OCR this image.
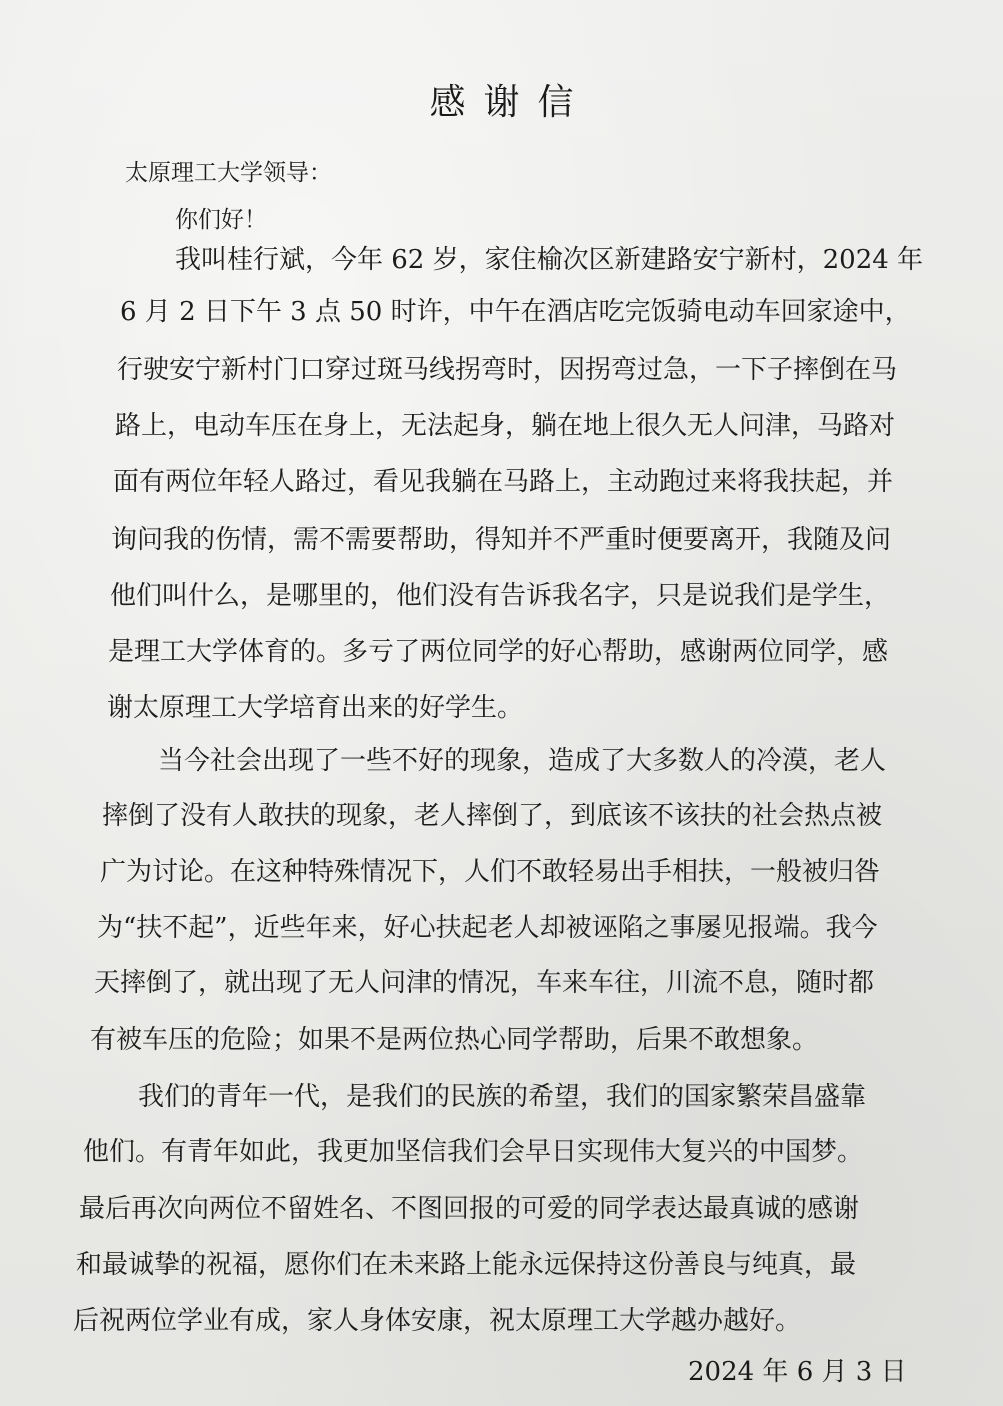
感谢信
太原理工大学领导：
你们好！
我叫桂行斌，今年 62 岁，家住榆次区新建路安宁新村，2024 年
6 月 2 日下午 3 点 50 时许，中午在酒店吃完饭骑电动车回家途中，
行驶安宁新村门口穿过斑马线拐弯时，因拐弯过急，一下子摔倒在马
路上，电动车压在身上，无法起身，躺在地上很久无人问津，马路对
面有两位年轻人路过，看见我躺在马路上，主动跑过来将我扶起，并
询问我的伤情，需不需要帮助，得知并不严重时便要离开，我随及问
他们叫什么，是哪里的，他们没有告诉我名字，只是说我们是学生，
是理工大学体育的。多亏了两位同学的好心帮助，感谢两位同学，感
谢太原理工大学培育出来的好学生。
当今社会出现了一些不好的现象，造成了大多数人的冷漠，老人
摔倒了没有人敢扶的现象，老人摔倒了，到底该不该扶的社会热点被
广为讨论。在这种特殊情况下，人们不敢轻易出手相扶，一般被归咎
为“扶不起”，近些年来，好心扶起老人却被诬陷之事屡见报端。我今
天摔倒了，就出现了无人问津的情况，车来车往，川流不息，随时都
有被车压的危险；如果不是两位热心同学帮助，后果不敢想象。
我们的青年一代，是我们的民族的希望，我们的国家繁荣昌盛靠
他们。有青年如此，我更加坚信我们会早日实现伟大复兴的中国梦。
最后再次向两位不留姓名、不图回报的可爱的同学表达最真诚的感谢
和最诚挚的祝福，愿你们在未来路上能永远保持这份善良与纯真，最
后祝两位学业有成，家人身体安康，祝太原理工大学越办越好。
2024 年 6 月 3 日
